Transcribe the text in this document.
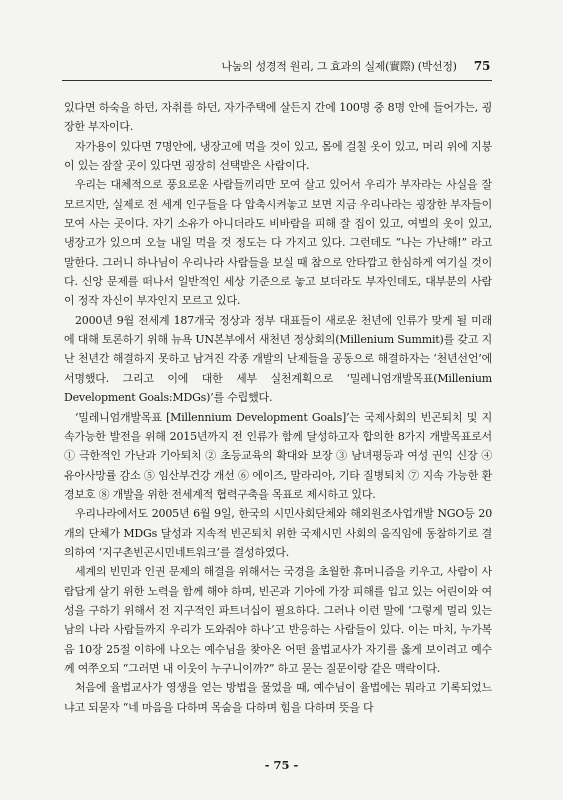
나눔의 성경적 원리, 그 효과의 실제(實際) (박선정) 75

있다면 하숙을 하던, 자취를 하던, 자가주택에 살든지 간에 100명 중 8명 안에 들어가는, 굉장한 부자이다.

자가용이 있다면 7명안에, 냉장고에 먹을 것이 있고, 몸에 걸칠 옷이 있고, 머리 위에 지붕이 있는 잠잘 곳이 있다면 굉장히 선택받은 사람이다.

우리는 대체적으로 풍요로운 사람들끼리만 모여 살고 있어서 우리가 부자라는 사실을 잘 모르지만, 실제로 전 세계 인구들을 다 압축시켜놓고 보면 지금 우리나라는 굉장한 부자들이 모여 사는 곳이다. 자기 소유가 아니더라도 비바람을 피해 잘 집이 있고, 여벌의 옷이 있고, 냉장고가 있으며 오늘 내일 먹을 것 정도는 다 가지고 있다. 그런데도 “나는 가난해!” 라고 말한다. 그러니 하나님이 우리나라 사람들을 보실 때 참으로 안타깝고 한심하게 여기실 것이다. 신앙 문제를 떠나서 일반적인 세상 기준으로 놓고 보더라도 부자인데도, 대부분의 사람이 정작 자신이 부자인지 모르고 있다.

2000년 9월 전세계 187개국 정상과 정부 대표들이 새로운 천년에 인류가 맞게 될 미래에 대해 토론하기 위해 뉴욕 UN본부에서 새천년 정상회의(Millenium Summit)를 갖고 지난 천년간 해결하지 못하고 남겨진 각종 개발의 난제들을 공동으로 해결하자는 ‘천년선언’에 서명했다. 그리고 이에 대한 세부 실천계획으로 ‘밀레니엄개발목표(Millenium Development Goals:MDGs)’를 수립했다.

‘밀레니엄개발목표 [Millennium Development Goals]’는 국제사회의 빈곤퇴치 및 지속가능한 발전을 위해 2015년까지 전 인류가 함께 달성하고자 합의한 8가지 개발목표로서 ① 극한적인 가난과 기아퇴치 ② 초등교육의 확대와 보장 ③ 남녀평등과 여성 권익 신장 ④ 유아사망률 감소 ⑤ 임산부건강 개선 ⑥ 에이즈, 말라리아, 기타 질병퇴치 ⑦ 지속 가능한 환경보호 ⑧ 개발을 위한 전세계적 협력구축을 목표로 제시하고 있다.

우리나라에서도 2005년 6월 9일, 한국의 시민사회단체와 해외원조사업개발 NGO등 20개의 단체가 MDGs 달성과 지속적 빈곤퇴치 위한 국제시민 사회의 움직임에 동참하기로 결의하여 ‘지구촌빈곤시민네트워크’를 결성하였다.

세계의 빈민과 인권 문제의 해결을 위해서는 국경을 초월한 휴머니즘을 키우고, 사람이 사람답게 살기 위한 노력을 함께 해야 하며, 빈곤과 기아에 가장 피해를 입고 있는 어린이와 여성을 구하기 위해서 전 지구적인 파트너십이 필요하다. 그러나 이런 말에 ‘그렇게 멀리 있는 남의 나라 사람들까지 우리가 도와줘야 하나’고 반응하는 사람들이 있다. 이는 마치, 누가복음 10장 25절 이하에 나오는 예수님을 찾아온 어떤 율법교사가 자기를 옳게 보이려고 예수께 여쭈오되 “그러면 내 이웃이 누구니이까?” 하고 묻는 질문이랑 같은 맥락이다.

처음에 율법교사가 영생을 얻는 방법을 물었을 때, 예수님이 율법에는 뭐라고 기록되었느냐고 되묻자 “네 마음을 다하며 목숨을 다하며 힘을 다하며 뜻을 다

- 75 -
